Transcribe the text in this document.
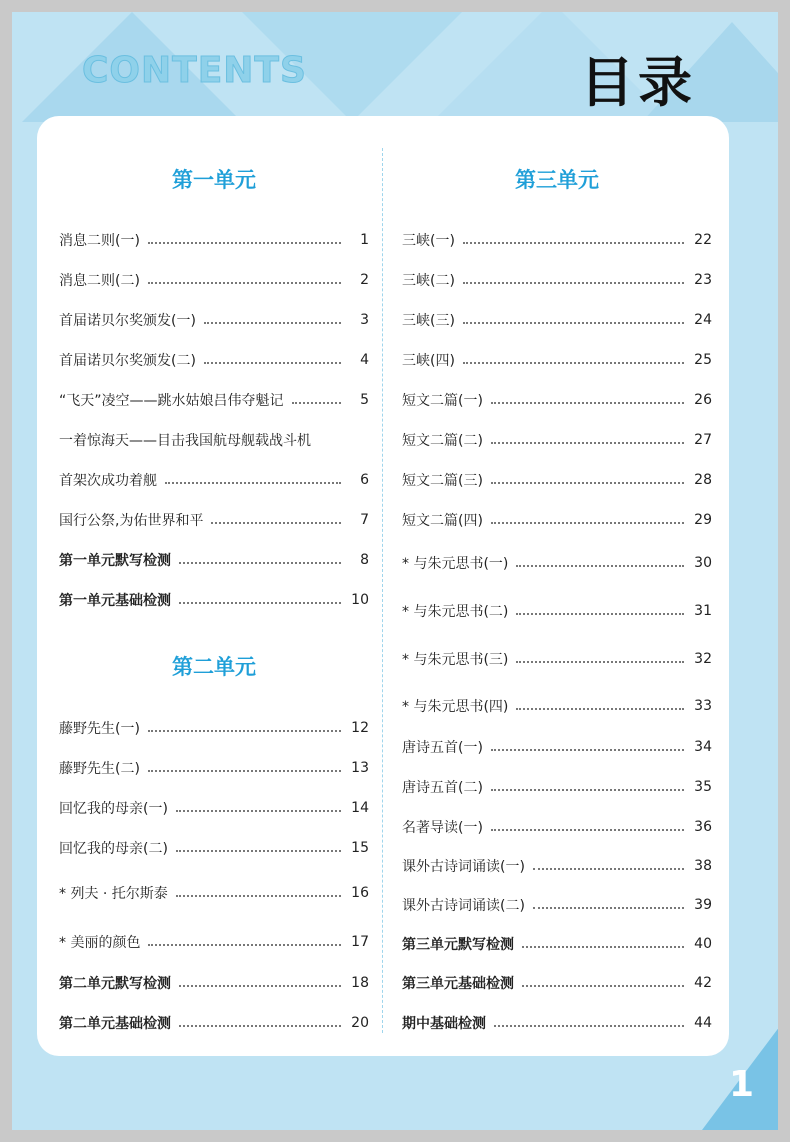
CONTENTS	目录
第一单元
消息二则(一)	1
消息二则(二)	2
首届诺贝尔奖颁发(一)	3
首届诺贝尔奖颁发(二)	4
“飞天”凌空——跳水姑娘吕伟夺魁记	5
一着惊海天——目击我国航母舰载战斗机
首架次成功着舰	6
国行公祭,为佑世界和平	7
第一单元默写检测	8
第一单元基础检测	10
第二单元
藤野先生(一)	12
藤野先生(二)	13
回忆我的母亲(一)	14
回忆我的母亲(二)	15
* 列夫 · 托尔斯泰	16
* 美丽的颜色	17
第二单元默写检测	18
第二单元基础检测	20
第三单元
三峡(一)	22
三峡(二)	23
三峡(三)	24
三峡(四)	25
短文二篇(一)	26
短文二篇(二)	27
短文二篇(三)	28
短文二篇(四)	29
* 与朱元思书(一)	30
* 与朱元思书(二)	31
* 与朱元思书(三)	32
* 与朱元思书(四)	33
唐诗五首(一)	34
唐诗五首(二)	35
名著导读(一)	36
课外古诗词诵读(一)	38
课外古诗词诵读(二)	39
第三单元默写检测	40
第三单元基础检测	42
期中基础检测	44

1
